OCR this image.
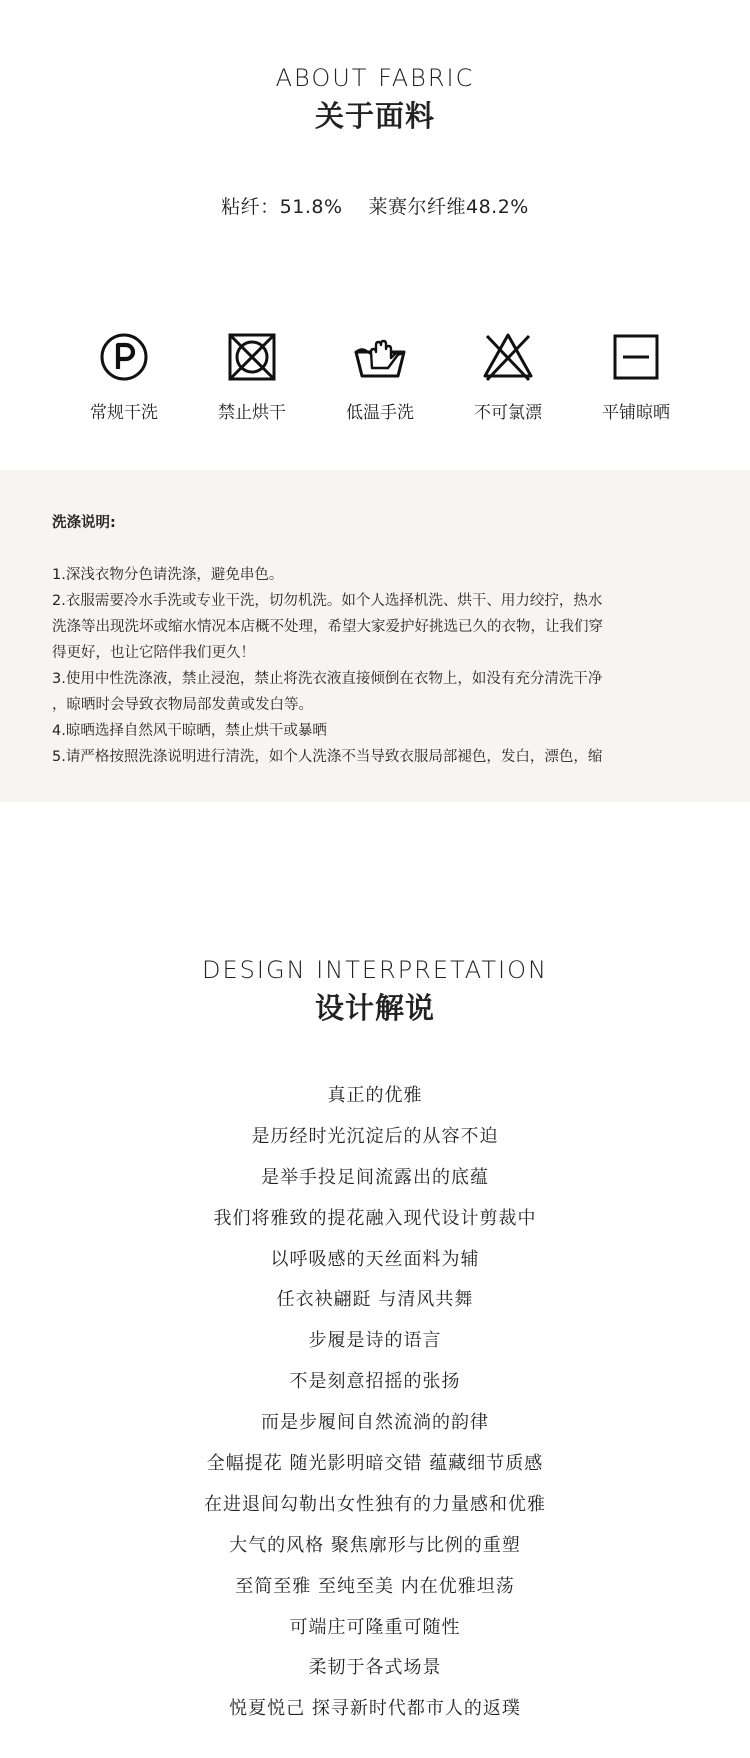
ABOUT FABRIC
关于面料
粘纤：51.8% 莱赛尔纤维48.2%
常规干洗	禁止烘干	低温手洗	不可氯漂	平铺晾晒
洗涤说明:
1.深浅衣物分色请洗涤，避免串色。
2.衣服需要冷水手洗或专业干洗，切勿机洗。如个人选择机洗、烘干、用力绞拧，热水
洗涤等出现洗坏或缩水情况本店概不处理，希望大家爱护好挑选已久的衣物，让我们穿
得更好，也让它陪伴我们更久！
3.使用中性洗涤液，禁止浸泡，禁止将洗衣液直接倾倒在衣物上，如没有充分清洗干净
，晾晒时会导致衣物局部发黄或发白等。
4.晾晒选择自然风干晾晒，禁止烘干或暴晒
5.请严格按照洗涤说明进行清洗，如个人洗涤不当导致衣服局部褪色，发白，漂色，缩
DESIGN INTERPRETATION
设计解说
真正的优雅
是历经时光沉淀后的从容不迫
是举手投足间流露出的底蕴
我们将雅致的提花融入现代设计剪裁中
以呼吸感的天丝面料为辅
任衣袂翩跹 与清风共舞
步履是诗的语言
不是刻意招摇的张扬
而是步履间自然流淌的韵律
全幅提花 随光影明暗交错 蕴藏细节质感
在进退间勾勒出女性独有的力量感和优雅
大气的风格 聚焦廓形与比例的重塑
至简至雅 至纯至美 内在优雅坦荡
可端庄可隆重可随性
柔韧于各式场景
悦夏悦己 探寻新时代都市人的返璞
